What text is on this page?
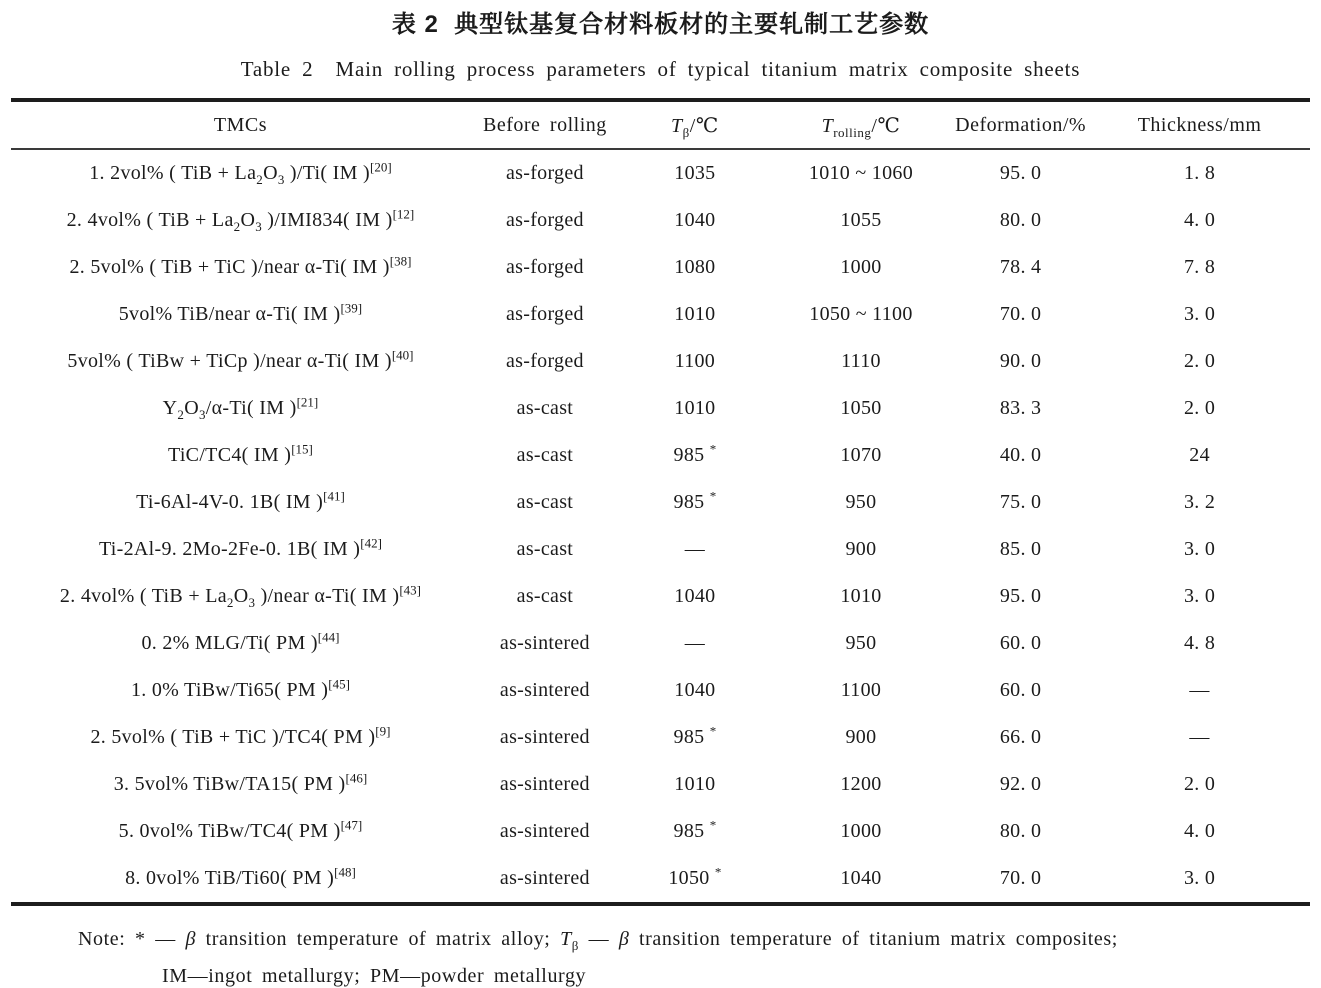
表 2  典型钛基复合材料板材的主要轧制工艺参数
Table 2  Main rolling process parameters of typical titanium matrix composite sheets
TMCs	Before rolling	$T_\beta/℃$	$T_{rolling}/℃$	Deformation/%	Thickness/mm
1. 2vol% ( TiB + $La_2O_3$ )/Ti( IM )[20]	as-forged	1035	1010 ~ 1060	95. 0	1. 8
2. 4vol% ( TiB + $La_2O_3$ )/IMI834( IM )[12]	as-forged	1040	1055	80. 0	4. 0
2. 5vol% ( TiB + TiC )/near α-Ti( IM )[38]	as-forged	1080	1000	78. 4	7. 8
5vol% TiB/near α-Ti( IM )[39]	as-forged	1010	1050 ~ 1100	70. 0	3. 0
5vol% ( TiBw + TiCp )/near α-Ti( IM )[40]	as-forged	1100	1110	90. 0	2. 0
$Y_2O_3/\alpha-Ti$( IM )[21]	as-cast	1010	1050	83. 3	2. 0
TiC/TC4( IM )[15]	as-cast	985 *	1070	40. 0	24
Ti-6Al-4V-0. 1B( IM )[41]	as-cast	985 *	950	75. 0	3. 2
Ti-2Al-9. 2Mo-2Fe-0. 1B( IM )[42]	as-cast	—	900	85. 0	3. 0
2. 4vol% ( TiB + $La_2O_3$ )/near α-Ti( IM )[43]	as-cast	1040	1010	95. 0	3. 0
0. 2% MLG/Ti( PM )[44]	as-sintered	—	950	60. 0	4. 8
1. 0% TiBw/Ti65( PM )[45]	as-sintered	1040	1100	60. 0	—
2. 5vol% ( TiB + TiC )/TC4( PM )[9]	as-sintered	985 *	900	66. 0	—
3. 5vol% TiBw/TA15( PM )[46]	as-sintered	1010	1200	92. 0	2. 0
5. 0vol% TiBw/TC4( PM )[47]	as-sintered	985 *	1000	80. 0	4. 0
8. 0vol% TiB/Ti60( PM )[48]	as-sintered	1050 *	1040	70. 0	3. 0
Note: * — β transition temperature of matrix alloy; $T_\beta$ — β transition temperature of titanium matrix composites;
IM—ingot metallurgy; PM—powder metallurgy
